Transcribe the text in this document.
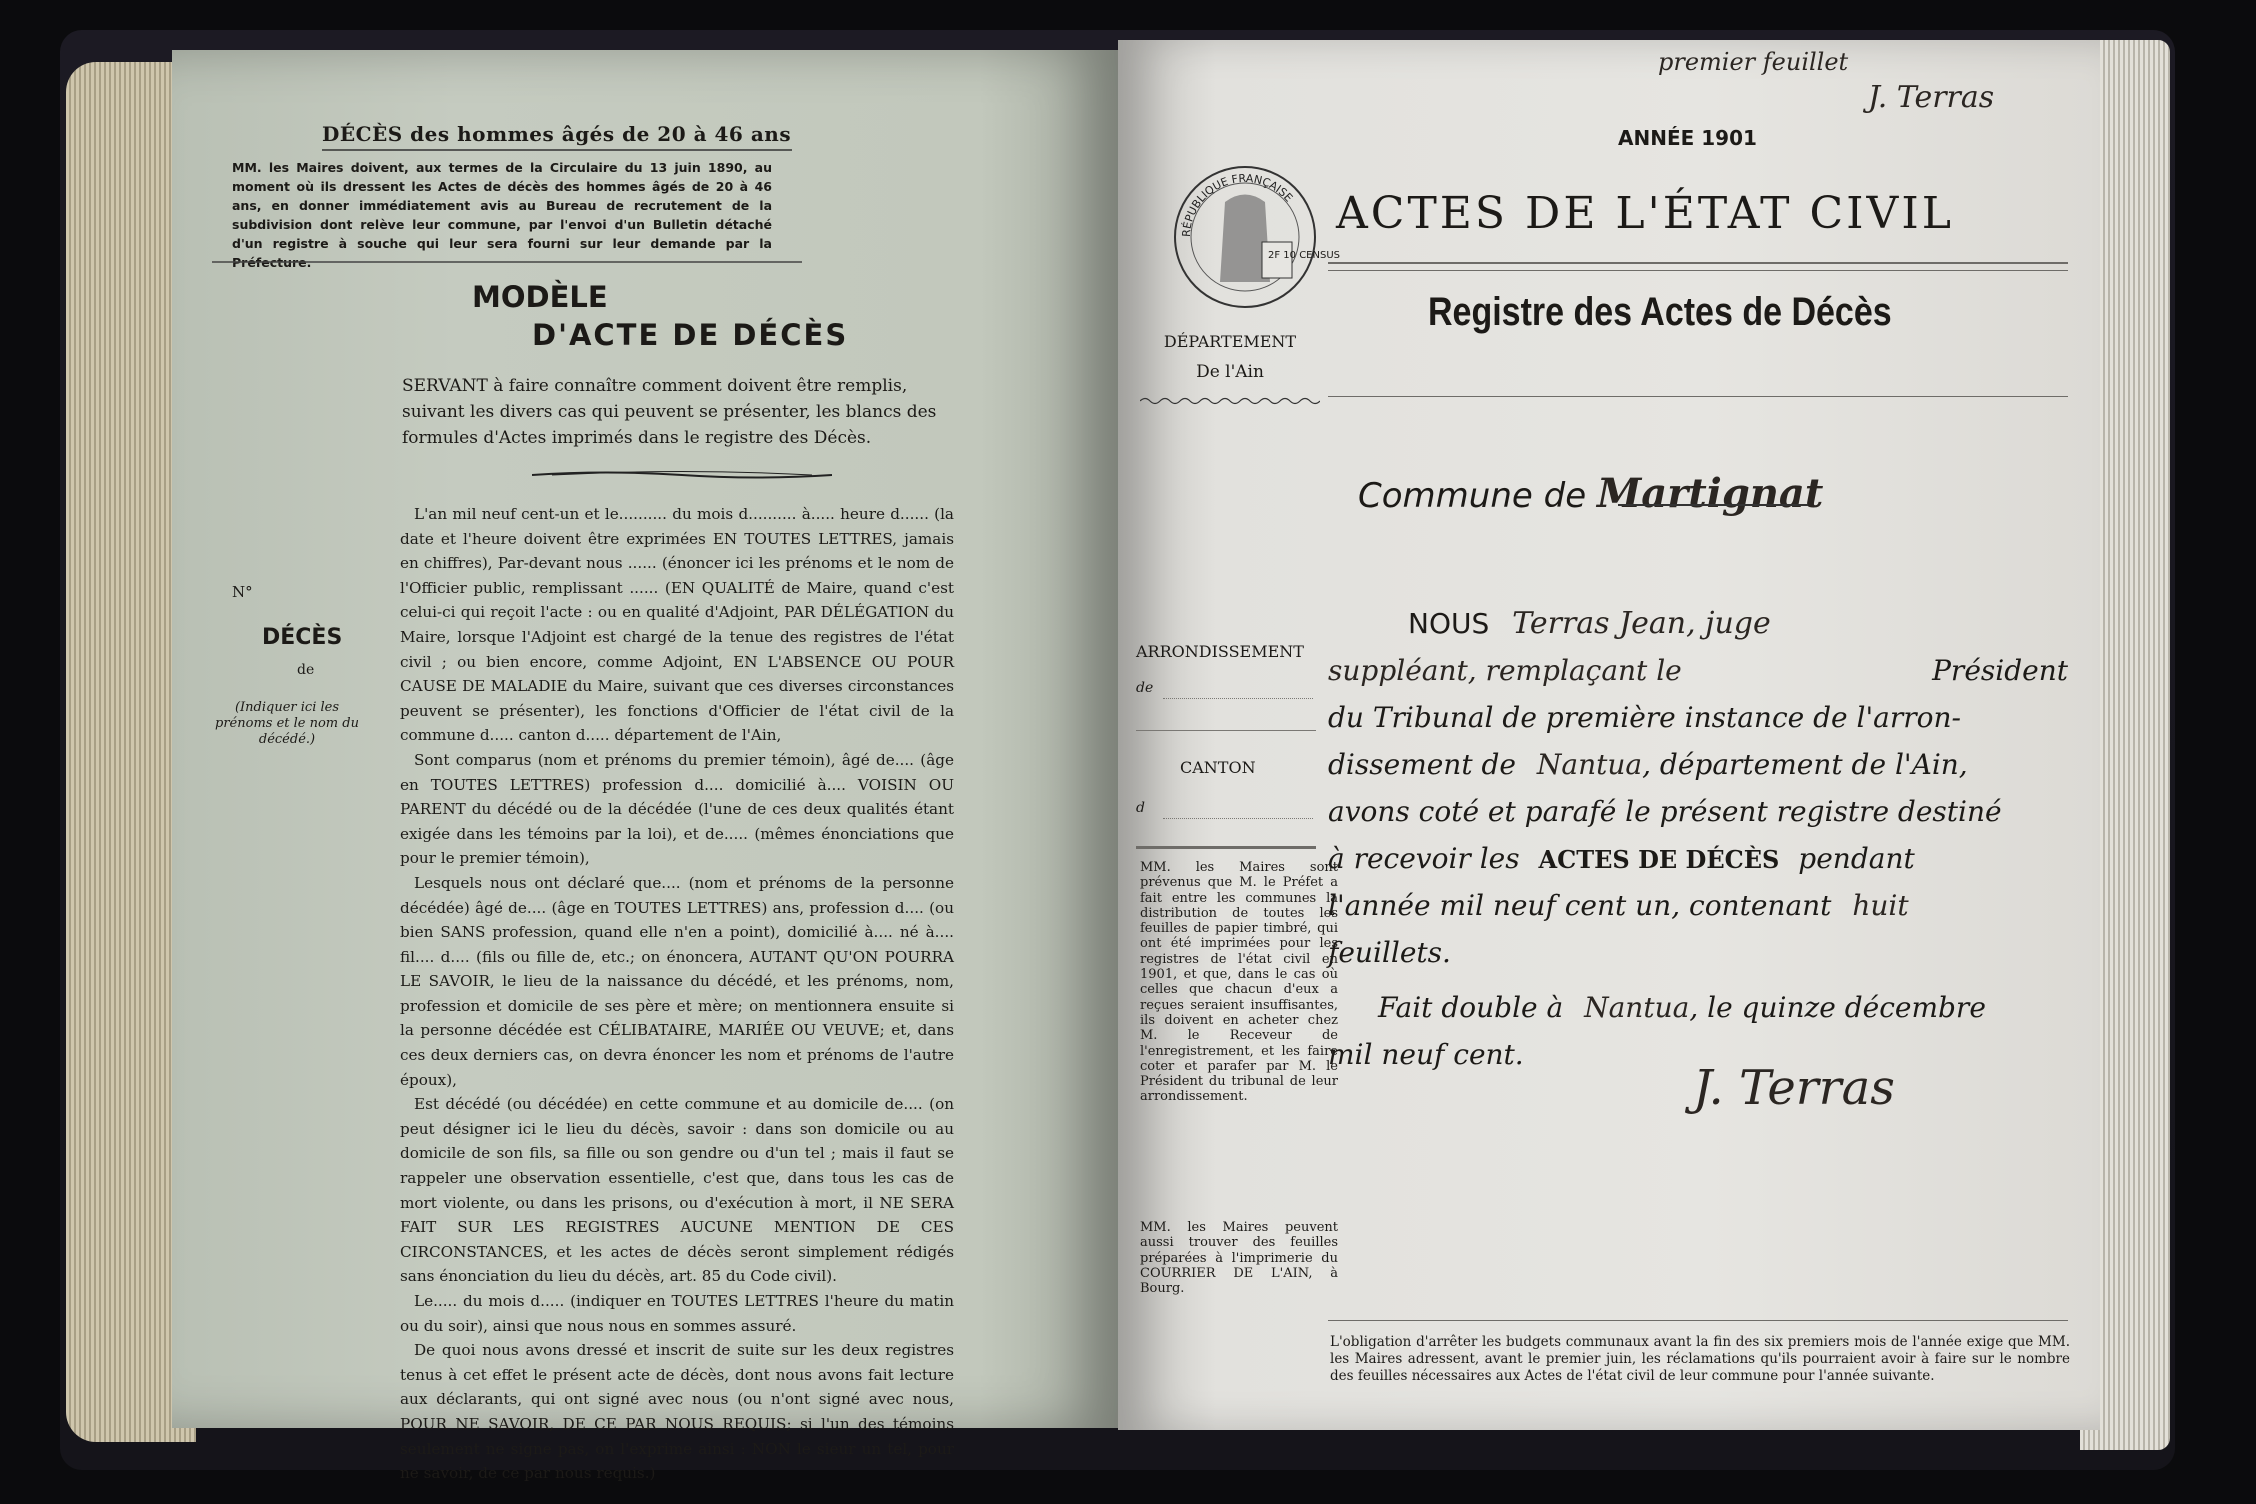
DÉCÈS des hommes âgés de 20 à 46 ans
MM. les Maires doivent, aux termes de la Circulaire du 13 juin 1890, au moment où ils dressent les Actes de décès des hommes âgés de 20 à 46 ans, en donner immédiatement avis au Bureau de recrutement de la subdivision dont relève leur commune, par l'envoi d'un Bulletin détaché d'un registre à souche qui leur sera fourni sur leur demande par la Préfecture.
MODÈLE
D'ACTE DE DÉCÈS
SERVANT à faire connaître comment doivent être remplis, suivant les divers cas qui peuvent se présenter, les blancs des formules d'Actes imprimés dans le registre des Décès.
N°
DÉCÈS
de
(Indiquer ici les prénoms et le nom du décédé.)

L'an mil neuf cent-un et le.......... du mois d.......... à..... heure d...... (la date et l'heure doivent être exprimées EN TOUTES LETTRES, jamais en chiffres), Par-devant nous ...... (énoncer ici les prénoms et le nom de l'Officier public, remplissant ...... (EN QUALITÉ de Maire, quand c'est celui-ci qui reçoit l'acte : ou en qualité d'Adjoint, PAR DÉLÉGATION du Maire, lorsque l'Adjoint est chargé de la tenue des registres de l'état civil ; ou bien encore, comme Adjoint, EN L'ABSENCE OU POUR CAUSE DE MALADIE du Maire, suivant que ces diverses circonstances peuvent se présenter), les fonctions d'Officier de l'état civil de la commune d..... canton d..... département de l'Ain,

Sont comparus (nom et prénoms du premier témoin), âgé de.... (âge en TOUTES LETTRES) profession d.... domicilié à.... VOISIN OU PARENT du décédé ou de la décédée (l'une de ces deux qualités étant exigée dans les témoins par la loi), et de..... (mêmes énonciations que pour le premier témoin),

Lesquels nous ont déclaré que.... (nom et prénoms de la personne décédée) âgé de.... (âge en TOUTES LETTRES) ans, profession d.... (ou bien SANS profession, quand elle n'en a point), domicilié à.... né à.... fil.... d.... (fils ou fille de, etc.; on énoncera, AUTANT QU'ON POURRA LE SAVOIR, le lieu de la naissance du décédé, et les prénoms, nom, profession et domicile de ses père et mère; on mentionnera ensuite si la personne décédée est CÉLIBATAIRE, MARIÉE OU VEUVE; et, dans ces deux derniers cas, on devra énoncer les nom et prénoms de l'autre époux),

Est décédé (ou décédée) en cette commune et au domicile de.... (on peut désigner ici le lieu du décès, savoir : dans son domicile ou au domicile de son fils, sa fille ou son gendre ou d'un tel ; mais il faut se rappeler une observation essentielle, c'est que, dans tous les cas de mort violente, ou dans les prisons, ou d'exécution à mort, il NE SERA FAIT SUR LES REGISTRES AUCUNE MENTION DE CES CIRCONSTANCES, et les actes de décès seront simplement rédigés sans énonciation du lieu du décès, art. 85 du Code civil).

Le..... du mois d..... (indiquer en TOUTES LETTRES l'heure du matin ou du soir), ainsi que nous nous en sommes assuré.

De quoi nous avons dressé et inscrit de suite sur les deux registres tenus à cet effet le présent acte de décès, dont nous avons fait lecture aux déclarants, qui ont signé avec nous (ou n'ont signé avec nous, POUR NE SAVOIR, DE CE PAR NOUS REQUIS; si l'un des témoins seulement ne signe pas, on l'exprime ainsi : NON le sieur un tel, pour ne savoir, de ce par nous requis.)

premier feuillet
J. Terras
ANNÉE 1901
RÉPUBLIQUE FRANÇAISE
2F 10 CENSUS
ACTES DE L'ÉTAT CIVIL
Registre des Actes de Décès
DÉPARTEMENT
De l'Ain
Commune de Martignat
ARRONDISSEMENT
de
CANTON
d
MM. les Maires sont prévenus que M. le Préfet a fait entre les communes la distribution de toutes les feuilles de papier timbré, qui ont été imprimées pour les registres de l'état civil en 1901, et que, dans le cas où celles que chacun d'eux a reçues seraient insuffisantes, ils doivent en acheter chez M. le Receveur de l'enregistrement, et les faire coter et parafer par M. le Président du tribunal de leur arrondissement.
MM. les Maires peuvent aussi trouver des feuilles préparées à l'imprimerie du COURRIER DE L'AIN, à Bourg.
NOUS Terras Jean, juge
suppléant, remplaçant le	Président
du Tribunal de première instance de l'arron-
dissement de Nantua, département de l'Ain,
avons coté et parafé le présent registre destiné
à recevoir les ACTES DE DÉCÈS pendant
l'année mil neuf cent un, contenant huit
feuillets.
Fait double à Nantua, le quinze décembre
mil neuf cent.
J. Terras
L'obligation d'arrêter les budgets communaux avant la fin des six premiers mois de l'année exige que MM. les Maires adressent, avant le premier juin, les réclamations qu'ils pourraient avoir à faire sur le nombre des feuilles nécessaires aux Actes de l'état civil de leur commune pour l'année suivante.
